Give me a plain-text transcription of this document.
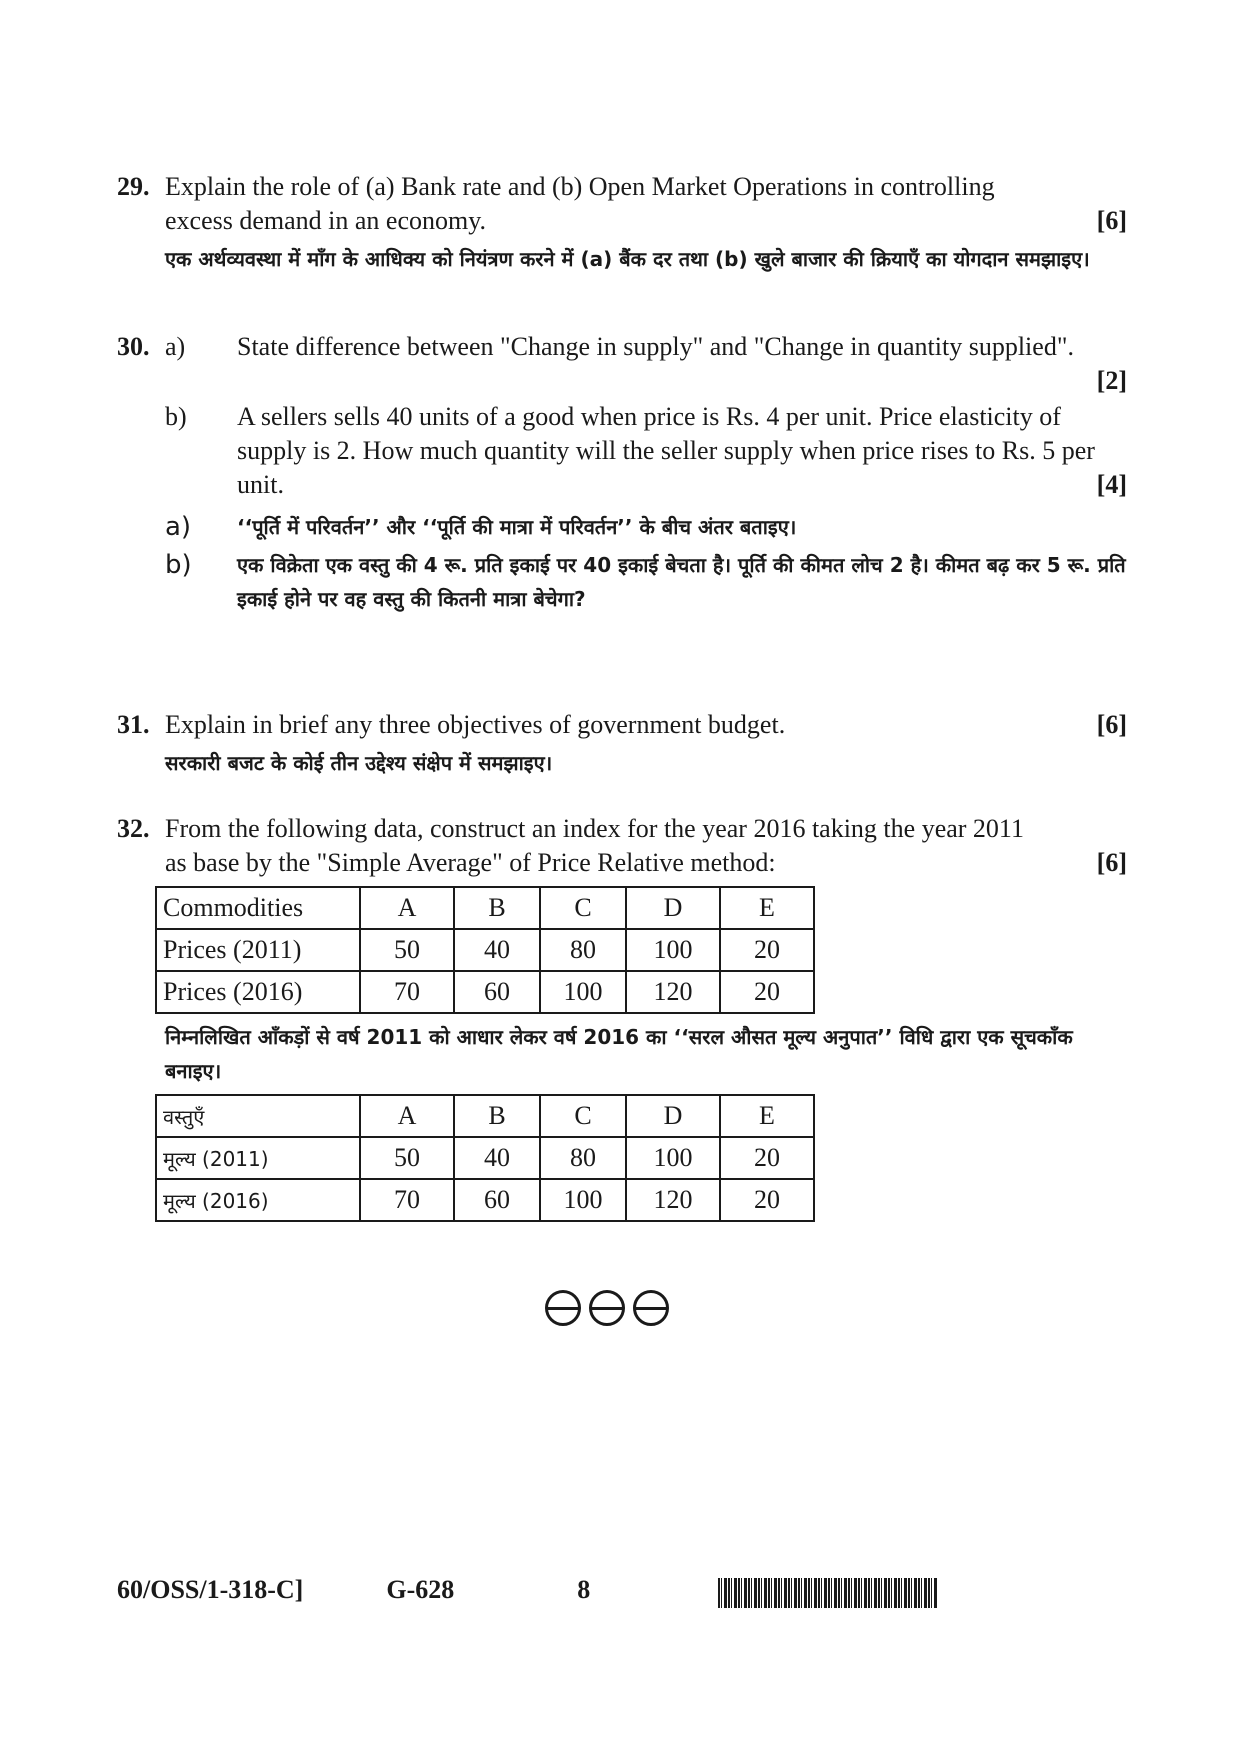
29. Explain the role of (a) Bank rate and (b) Open Market Operations in controlling
excess demand in an economy.	[6]
एक अर्थव्यवस्था में माँग के आधिक्य को नियंत्रण करने में (a) बैंक दर तथा (b) खुले बाजार की क्रियाएँ का योगदान समझाइए।
30. a) State difference between "Change in supply" and "Change in quantity supplied".
[2]
b) A sellers sells 40 units of a good when price is Rs. 4 per unit. Price elasticity of supply is 2. How much quantity will the seller supply when price rises to Rs. 5 per unit.	[4]
a) ‘‘पूर्ति में परिवर्तन’’ और ‘‘पूर्ति की मात्रा में परिवर्तन’’ के बीच अंतर बताइए।
b) एक विक्रेता एक वस्तु की 4 रू. प्रति इकाई पर 40 इकाई बेचता है। पूर्ति की कीमत लोच 2 है। कीमत बढ़ कर 5 रू. प्रति इकाई होने पर वह वस्तु की कितनी मात्रा बेचेगा?
31. Explain in brief any three objectives of government budget.	[6]
सरकारी बजट के कोई तीन उद्देश्य संक्षेप में समझाइए।
32. From the following data, construct an index for the year 2016 taking the year 2011
as base by the "Simple Average" of Price Relative method:	[6]
Commodities	A	B	C	D	E
Prices (2011)	50	40	80	100	20
Prices (2016)	70	60	100	120	20
निम्नलिखित आँकड़ों से वर्ष 2011 को आधार लेकर वर्ष 2016 का ‘‘सरल औसत मूल्य अनुपात’’ विधि द्वारा एक सूचकाँक बनाइए।
वस्तुएँ	A	B	C	D	E
मूल्य (2011)	50	40	80	100	20
मूल्य (2016)	70	60	100	120	20
60/OSS/1-318-C]	G-628	8
